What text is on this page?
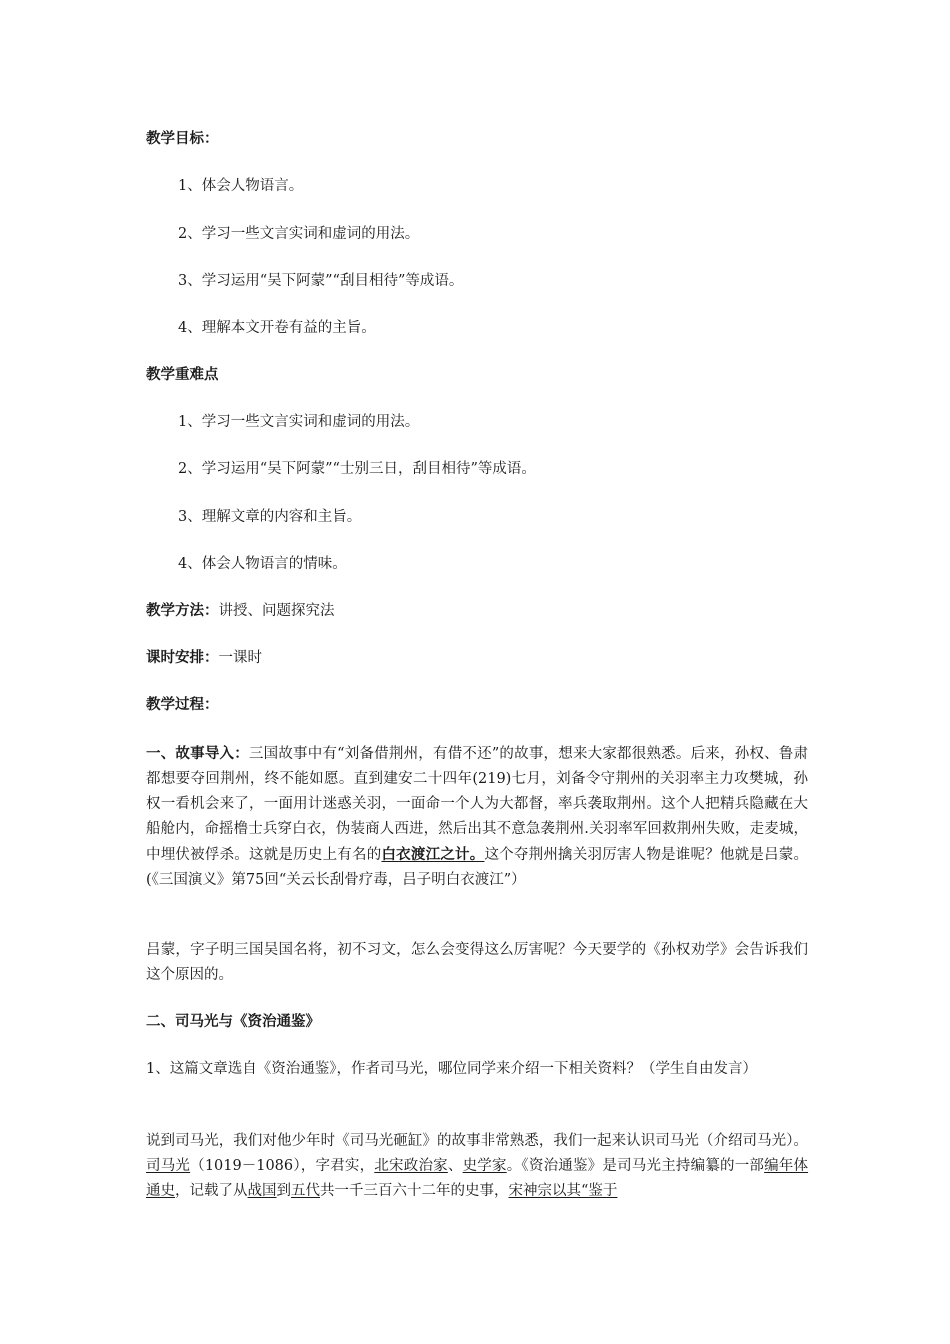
教学目标：
1、体会人物语言。
2、学习一些文言实词和虚词的用法。
3、学习运用“吴下阿蒙”“刮目相待”等成语。
4、理解本文开卷有益的主旨。
教学重难点
1、学习一些文言实词和虚词的用法。
2、学习运用“吴下阿蒙”“士别三日，刮目相待”等成语。
3、理解文章的内容和主旨。
4、体会人物语言的情味。
教学方法：讲授、问题探究法
课时安排：一课时
教学过程：
一、故事导入：三国故事中有“刘备借荆州，有借不还”的故事，想来大家都很熟悉。后来，孙权、鲁肃都想要夺回荆州，终不能如愿。直到建安二十四年(219)七月，刘备令守荆州的关羽率主力攻樊城，孙权一看机会来了，一面用计迷惑关羽，一面命一个人为大都督，率兵袭取荆州。这个人把精兵隐藏在大船舱内，命摇橹士兵穿白衣，伪装商人西进，然后出其不意急袭荆州.关羽率军回救荆州失败，走麦城，中埋伏被俘杀。这就是历史上有名的白衣渡江之计。这个夺荆州擒关羽厉害人物是谁呢？他就是吕蒙。(《三国演义》第75回“关云长刮骨疗毒，吕子明白衣渡江”）
吕蒙，字子明三国吴国名将，初不习文，怎么会变得这么厉害呢？今天要学的《孙权劝学》会告诉我们这个原因的。
二、司马光与《资治通鉴》
1、这篇文章选自《资治通鉴》，作者司马光，哪位同学来介绍一下相关资料？（学生自由发言）
说到司马光，我们对他少年时《司马光砸缸》的故事非常熟悉，我们一起来认识司马光（介绍司马光）。司马光（1019－1086），字君实，北宋政治家、史学家。《资治通鉴》是司马光主持编纂的一部编年体通史，记载了从战国到五代共一千三百六十二年的史事，宋神宗以其“鉴于
